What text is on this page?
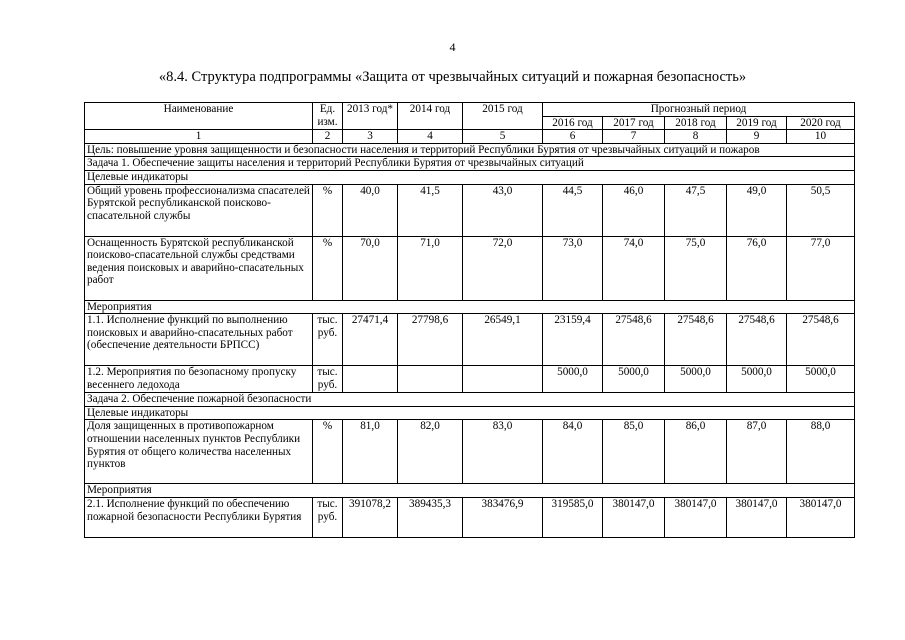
4
«8.4. Структура подпрограммы «Защита от чрезвычайных ситуаций и пожарная безопасность»
Наименование	Ед. изм.	2013 год*	2014 год	2015 год	Прогнозный период				
					2016 год	2017 год	2018 год	2019 год	2020 год
1	2	3	4	5	6	7	8	9	10
Цель: повышение уровня защищенности и безопасности населения и территорий Республики Бурятия от чрезвычайных ситуаций и пожаров									
Задача 1. Обеспечение защиты населения и территорий Республики Бурятия от чрезвычайных ситуаций									
Целевые индикаторы									
Общий уровень профессионализма спасателей Бурятской республиканской поисково-спасательной службы	%	40,0	41,5	43,0	44,5	46,0	47,5	49,0	50,5
Оснащенность Бурятской республиканской поисково-спасательной службы средствами ведения поисковых и аварийно-спасательных работ	%	70,0	71,0	72,0	73,0	74,0	75,0	76,0	77,0
Мероприятия									
1.1. Исполнение функций по выполнению поисковых и аварийно-спасательных работ (обеспечение деятельности БРПСС)	тыс. руб.	27471,4	27798,6	26549,1	23159,4	27548,6	27548,6	27548,6	27548,6
1.2. Мероприятия по безопасному пропуску весеннего ледохода	тыс. руб.				5000,0	5000,0	5000,0	5000,0	5000,0
Задача 2. Обеспечение пожарной безопасности									
Целевые индикаторы									
Доля защищенных в противопожарном отношении населенных пунктов Республики Бурятия от общего количества населенных пунктов	%	81,0	82,0	83,0	84,0	85,0	86,0	87,0	88,0
Мероприятия									
2.1. Исполнение функций по обеспечению пожарной безопасности Республики Бурятия	тыс. руб.	391078,2	389435,3	383476,9	319585,0	380147,0	380147,0	380147,0	380147,0
